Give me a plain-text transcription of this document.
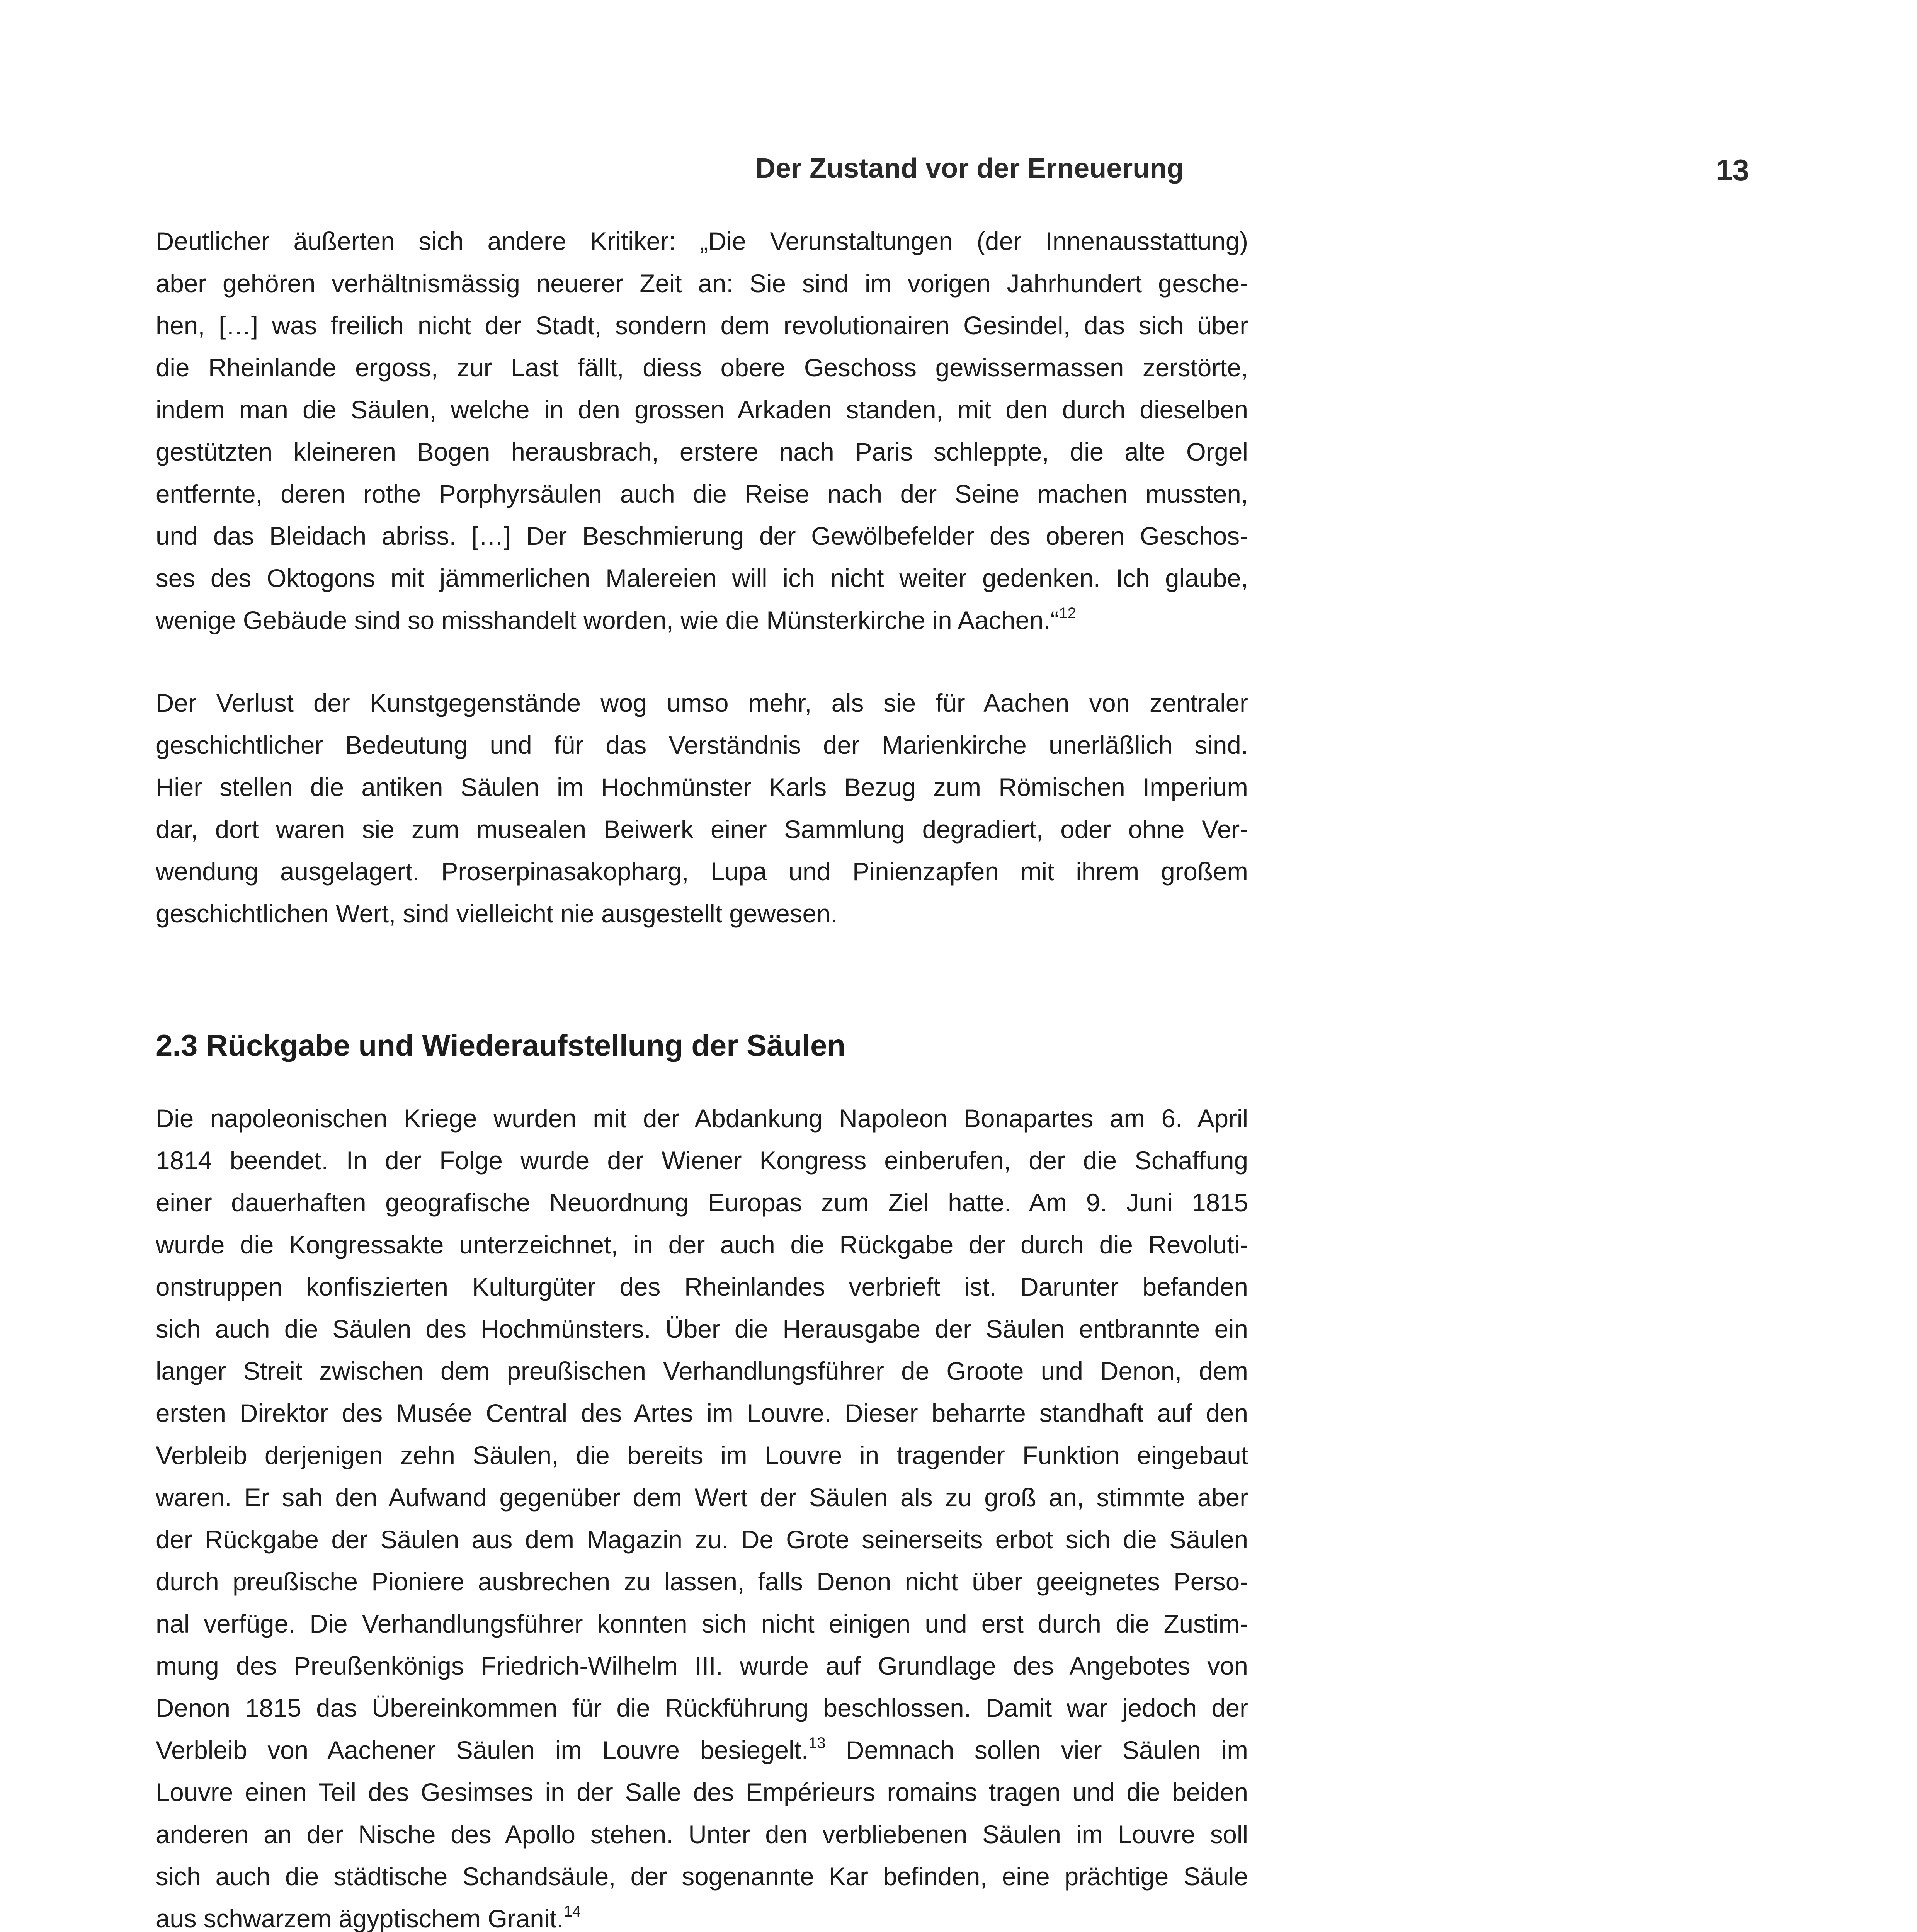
Der Zustand vor der Erneuerung	13
Deutlicher äußerten sich andere Kritiker: „Die Verunstaltungen (der Innenausstattung)
aber gehören verhältnismässig neuerer Zeit an: Sie sind im vorigen Jahrhundert gesche-
hen, […] was freilich nicht der Stadt, sondern dem revolutionairen Gesindel, das sich über
die Rheinlande ergoss, zur Last fällt, diess obere Geschoss gewissermassen zerstörte,
indem man die Säulen, welche in den grossen Arkaden standen, mit den durch dieselben
gestützten kleineren Bogen herausbrach, erstere nach Paris schleppte, die alte Orgel
entfernte, deren rothe Porphyrsäulen auch die Reise nach der Seine machen mussten,
und das Bleidach abriss. […] Der Beschmierung der Gewölbefelder des oberen Geschos-
ses des Oktogons mit jämmerlichen Malereien will ich nicht weiter gedenken. Ich glaube,
wenige Gebäude sind so misshandelt worden, wie die Münsterkirche in Aachen.“$^{12}$
Der Verlust der Kunstgegenstände wog umso mehr, als sie für Aachen von zentraler
geschichtlicher Bedeutung und für das Verständnis der Marienkirche unerläßlich sind.
Hier stellen die antiken Säulen im Hochmünster Karls Bezug zum Römischen Imperium
dar, dort waren sie zum musealen Beiwerk einer Sammlung degradiert, oder ohne Ver-
wendung ausgelagert. Proserpinasakopharg, Lupa und Pinienzapfen mit ihrem großem
geschichtlichen Wert, sind vielleicht nie ausgestellt gewesen.
2.3 Rückgabe und Wiederaufstellung der Säulen
Die napoleonischen Kriege wurden mit der Abdankung Napoleon Bonapartes am 6. April
1814 beendet. In der Folge wurde der Wiener Kongress einberufen, der die Schaffung
einer dauerhaften geografische Neuordnung Europas zum Ziel hatte. Am 9. Juni 1815
wurde die Kongressakte unterzeichnet, in der auch die Rückgabe der durch die Revoluti-
onstruppen konfiszierten Kulturgüter des Rheinlandes verbrieft ist. Darunter befanden
sich auch die Säulen des Hochmünsters. Über die Herausgabe der Säulen entbrannte ein
langer Streit zwischen dem preußischen Verhandlungsführer de Groote und Denon, dem
ersten Direktor des Musée Central des Artes im Louvre. Dieser beharrte standhaft auf den
Verbleib derjenigen zehn Säulen, die bereits im Louvre in tragender Funktion eingebaut
waren. Er sah den Aufwand gegenüber dem Wert der Säulen als zu groß an, stimmte aber
der Rückgabe der Säulen aus dem Magazin zu. De Grote seinerseits erbot sich die Säulen
durch preußische Pioniere ausbrechen zu lassen, falls Denon nicht über geeignetes Perso-
nal verfüge. Die Verhandlungsführer konnten sich nicht einigen und erst durch die Zustim-
mung des Preußenkönigs Friedrich-Wilhelm III. wurde auf Grundlage des Angebotes von
Denon 1815 das Übereinkommen für die Rückführung beschlossen. Damit war jedoch der
Verbleib von Aachener Säulen im Louvre besiegelt.$^{13}$ Demnach sollen vier Säulen im
Louvre einen Teil des Gesimses in der Salle des Empérieurs romains tragen und die beiden
anderen an der Nische des Apollo stehen. Unter den verbliebenen Säulen im Louvre soll
sich auch die städtische Schandsäule, der sogenannte Kar befinden, eine prächtige Säule
aus schwarzem ägyptischem Granit.$^{14}$
